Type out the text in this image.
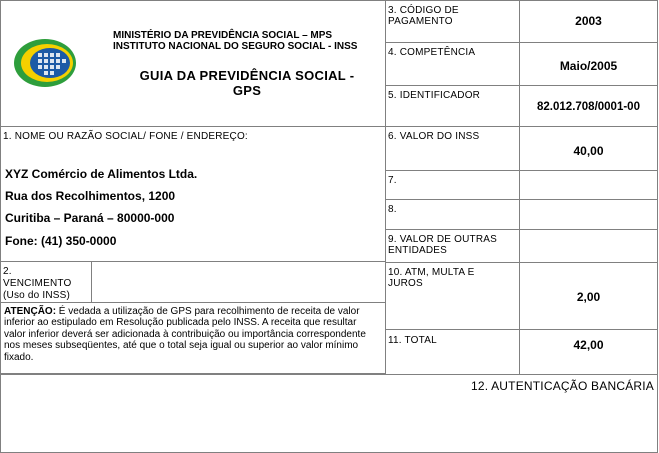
MINISTÉRIO DA PREVIDÊNCIA SOCIAL – MPS
INSTITUTO NACIONAL DO SEGURO SOCIAL - INSS
GUIA DA PREVIDÊNCIA SOCIAL -
GPS
3. CÓDIGO DE PAGAMENTO	2003
4. COMPETÊNCIA
Maio/2005
5. IDENTIFICADOR
82.012.708/0001-00
1. NOME OU RAZÃO SOCIAL/ FONE / ENDEREÇO:
XYZ Comércio de Alimentos Ltda.
Rua dos Recolhimentos, 1200
Curitiba – Paraná – 80000-000
Fone: (41) 350-0000
6. VALOR DO INSS
40,00
7.
8.
9. VALOR DE OUTRAS ENTIDADES
2.
VENCIMENTO
(Uso do INSS)
ATENÇÃO: É vedada a utilização de GPS para recolhimento de receita de valor inferior ao estipulado em Resolução publicada pelo INSS. A receita que resultar valor inferior deverá ser adicionada à contribuição ou importância correspondente nos meses subseqüentes, até que o total seja igual ou superior ao valor mínimo fixado.
10. ATM, MULTA E JUROS
2,00
11. TOTAL	42,00
12. AUTENTICAÇÃO BANCÁRIA
